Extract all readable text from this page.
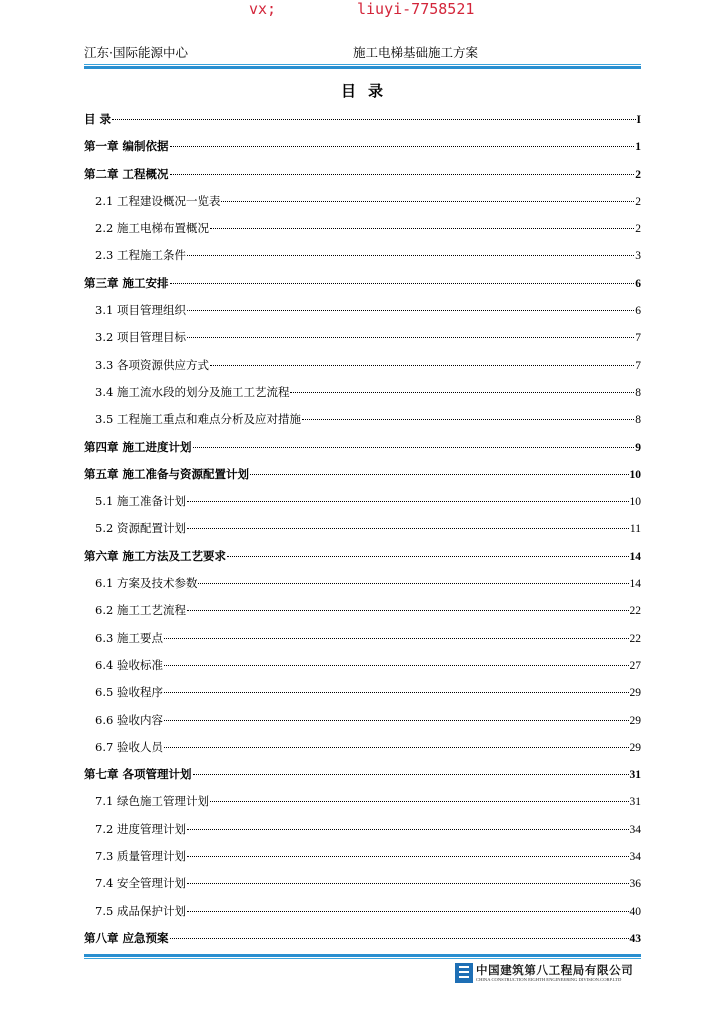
vx;	liuyi-7758521
江东·国际能源中心	施工电梯基础施工方案
目录
目 录	I
第一章 编制依据	1
第二章 工程概况	2
2.1 工程建设概况一览表	2
2.2 施工电梯布置概况	2
2.3 工程施工条件	3
第三章 施工安排	6
3.1 项目管理组织	6
3.2 项目管理目标	7
3.3 各项资源供应方式	7
3.4 施工流水段的划分及施工工艺流程	8
3.5 工程施工重点和难点分析及应对措施	8
第四章 施工进度计划	9
第五章 施工准备与资源配置计划	10
5.1 施工准备计划	10
5.2 资源配置计划	11
第六章 施工方法及工艺要求	14
6.1 方案及技术参数	14
6.2 施工工艺流程	22
6.3 施工要点	22
6.4 验收标准	27
6.5 验收程序	29
6.6 验收内容	29
6.7 验收人员	29
第七章 各项管理计划	31
7.1 绿色施工管理计划	31
7.2 进度管理计划	34
7.3 质量管理计划	34
7.4 安全管理计划	36
7.5 成品保护计划	40
第八章 应急预案	43
中国建筑第八工程局有限公司
CHINA CONSTRUCTION EIGHTH ENGINEERING DIVISION.CORP.LTD
